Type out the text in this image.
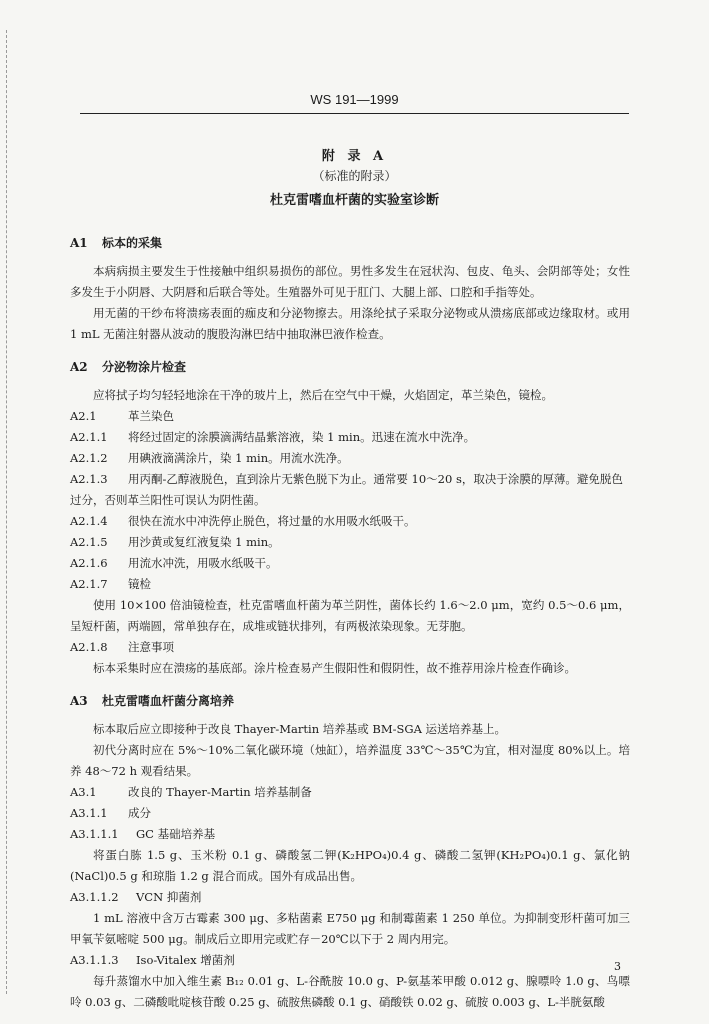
WS 191—1999
附 录 A
（标准的附录）
杜克雷嗜血杆菌的实验室诊断

A1 标本的采集

本病病损主要发生于性接触中组织易损伤的部位。男性多发生在冠状沟、包皮、龟头、会阴部等处；女性多发生于小阴唇、大阴唇和后联合等处。生殖器外可见于肛门、大腿上部、口腔和手指等处。

用无菌的干纱布将溃疡表面的痂皮和分泌物擦去。用涤纶拭子采取分泌物或从溃疡底部或边缘取材。或用 1 mL 无菌注射器从波动的腹股沟淋巴结中抽取淋巴液作检查。

A2 分泌物涂片检查

应将拭子均匀轻轻地涂在干净的玻片上，然后在空气中干燥，火焰固定，革兰染色，镜检。

A2.1	革兰染色

A2.1.1 将经过固定的涂膜滴满结晶紫溶液，染 1 min。迅速在流水中洗净。

A2.1.2 用碘液滴满涂片，染 1 min。用流水洗净。

A2.1.3 用丙酮-乙醇液脱色，直到涂片无紫色脱下为止。通常要 10～20 s，取决于涂膜的厚薄。避免脱色过分，否则革兰阳性可误认为阴性菌。

A2.1.4 很快在流水中冲洗停止脱色，将过量的水用吸水纸吸干。

A2.1.5 用沙黄或复红液复染 1 min。

A2.1.6 用流水冲洗，用吸水纸吸干。

A2.1.7 镜检

使用 10×100 倍油镜检查，杜克雷嗜血杆菌为革兰阴性，菌体长约 1.6～2.0 μm，宽约 0.5～0.6 μm，呈短杆菌，两端圆，常单独存在，成堆或链状排列，有两极浓染现象。无芽胞。

A2.1.8 注意事项

标本采集时应在溃疡的基底部。涂片检查易产生假阳性和假阴性，故不推荐用涂片检查作确诊。

A3 杜克雷嗜血杆菌分离培养

标本取后应立即接种于改良 Thayer-Martin 培养基或 BM-SGA 运送培养基上。

初代分离时应在 5%～10%二氧化碳环境（烛缸），培养温度 33℃～35℃为宜，相对湿度 80%以上。培养 48～72 h 观看结果。

A3.1	改良的 Thayer-Martin 培养基制备

A3.1.1 成分

A3.1.1.1 GC 基础培养基

将蛋白胨 1.5 g、玉米粉 0.1 g、磷酸氢二钾(K₂HPO₄)0.4 g、磷酸二氢钾(KH₂PO₄)0.1 g、氯化钠(NaCl)0.5 g 和琼脂 1.2 g 混合而成。国外有成品出售。

A3.1.1.2 VCN 抑菌剂

1 mL 溶液中含万古霉素 300 μg、多粘菌素 E750 μg 和制霉菌素 1 250 单位。为抑制变形杆菌可加三甲氧苄氨嘧啶 500 μg。制成后立即用完或贮存－20℃以下于 2 周内用完。

A3.1.1.3 Iso-Vitalex 增菌剂

每升蒸馏水中加入维生素 B₁₂ 0.01 g、L-谷酰胺 10.0 g、P-氨基苯甲酸 0.012 g、腺嘌呤 1.0 g、鸟嘌呤 0.03 g、二磷酸吡啶核苷酸 0.25 g、硫胺焦磷酸 0.1 g、硝酸铁 0.02 g、硫胺 0.003 g、L-半胱氨酸

3
